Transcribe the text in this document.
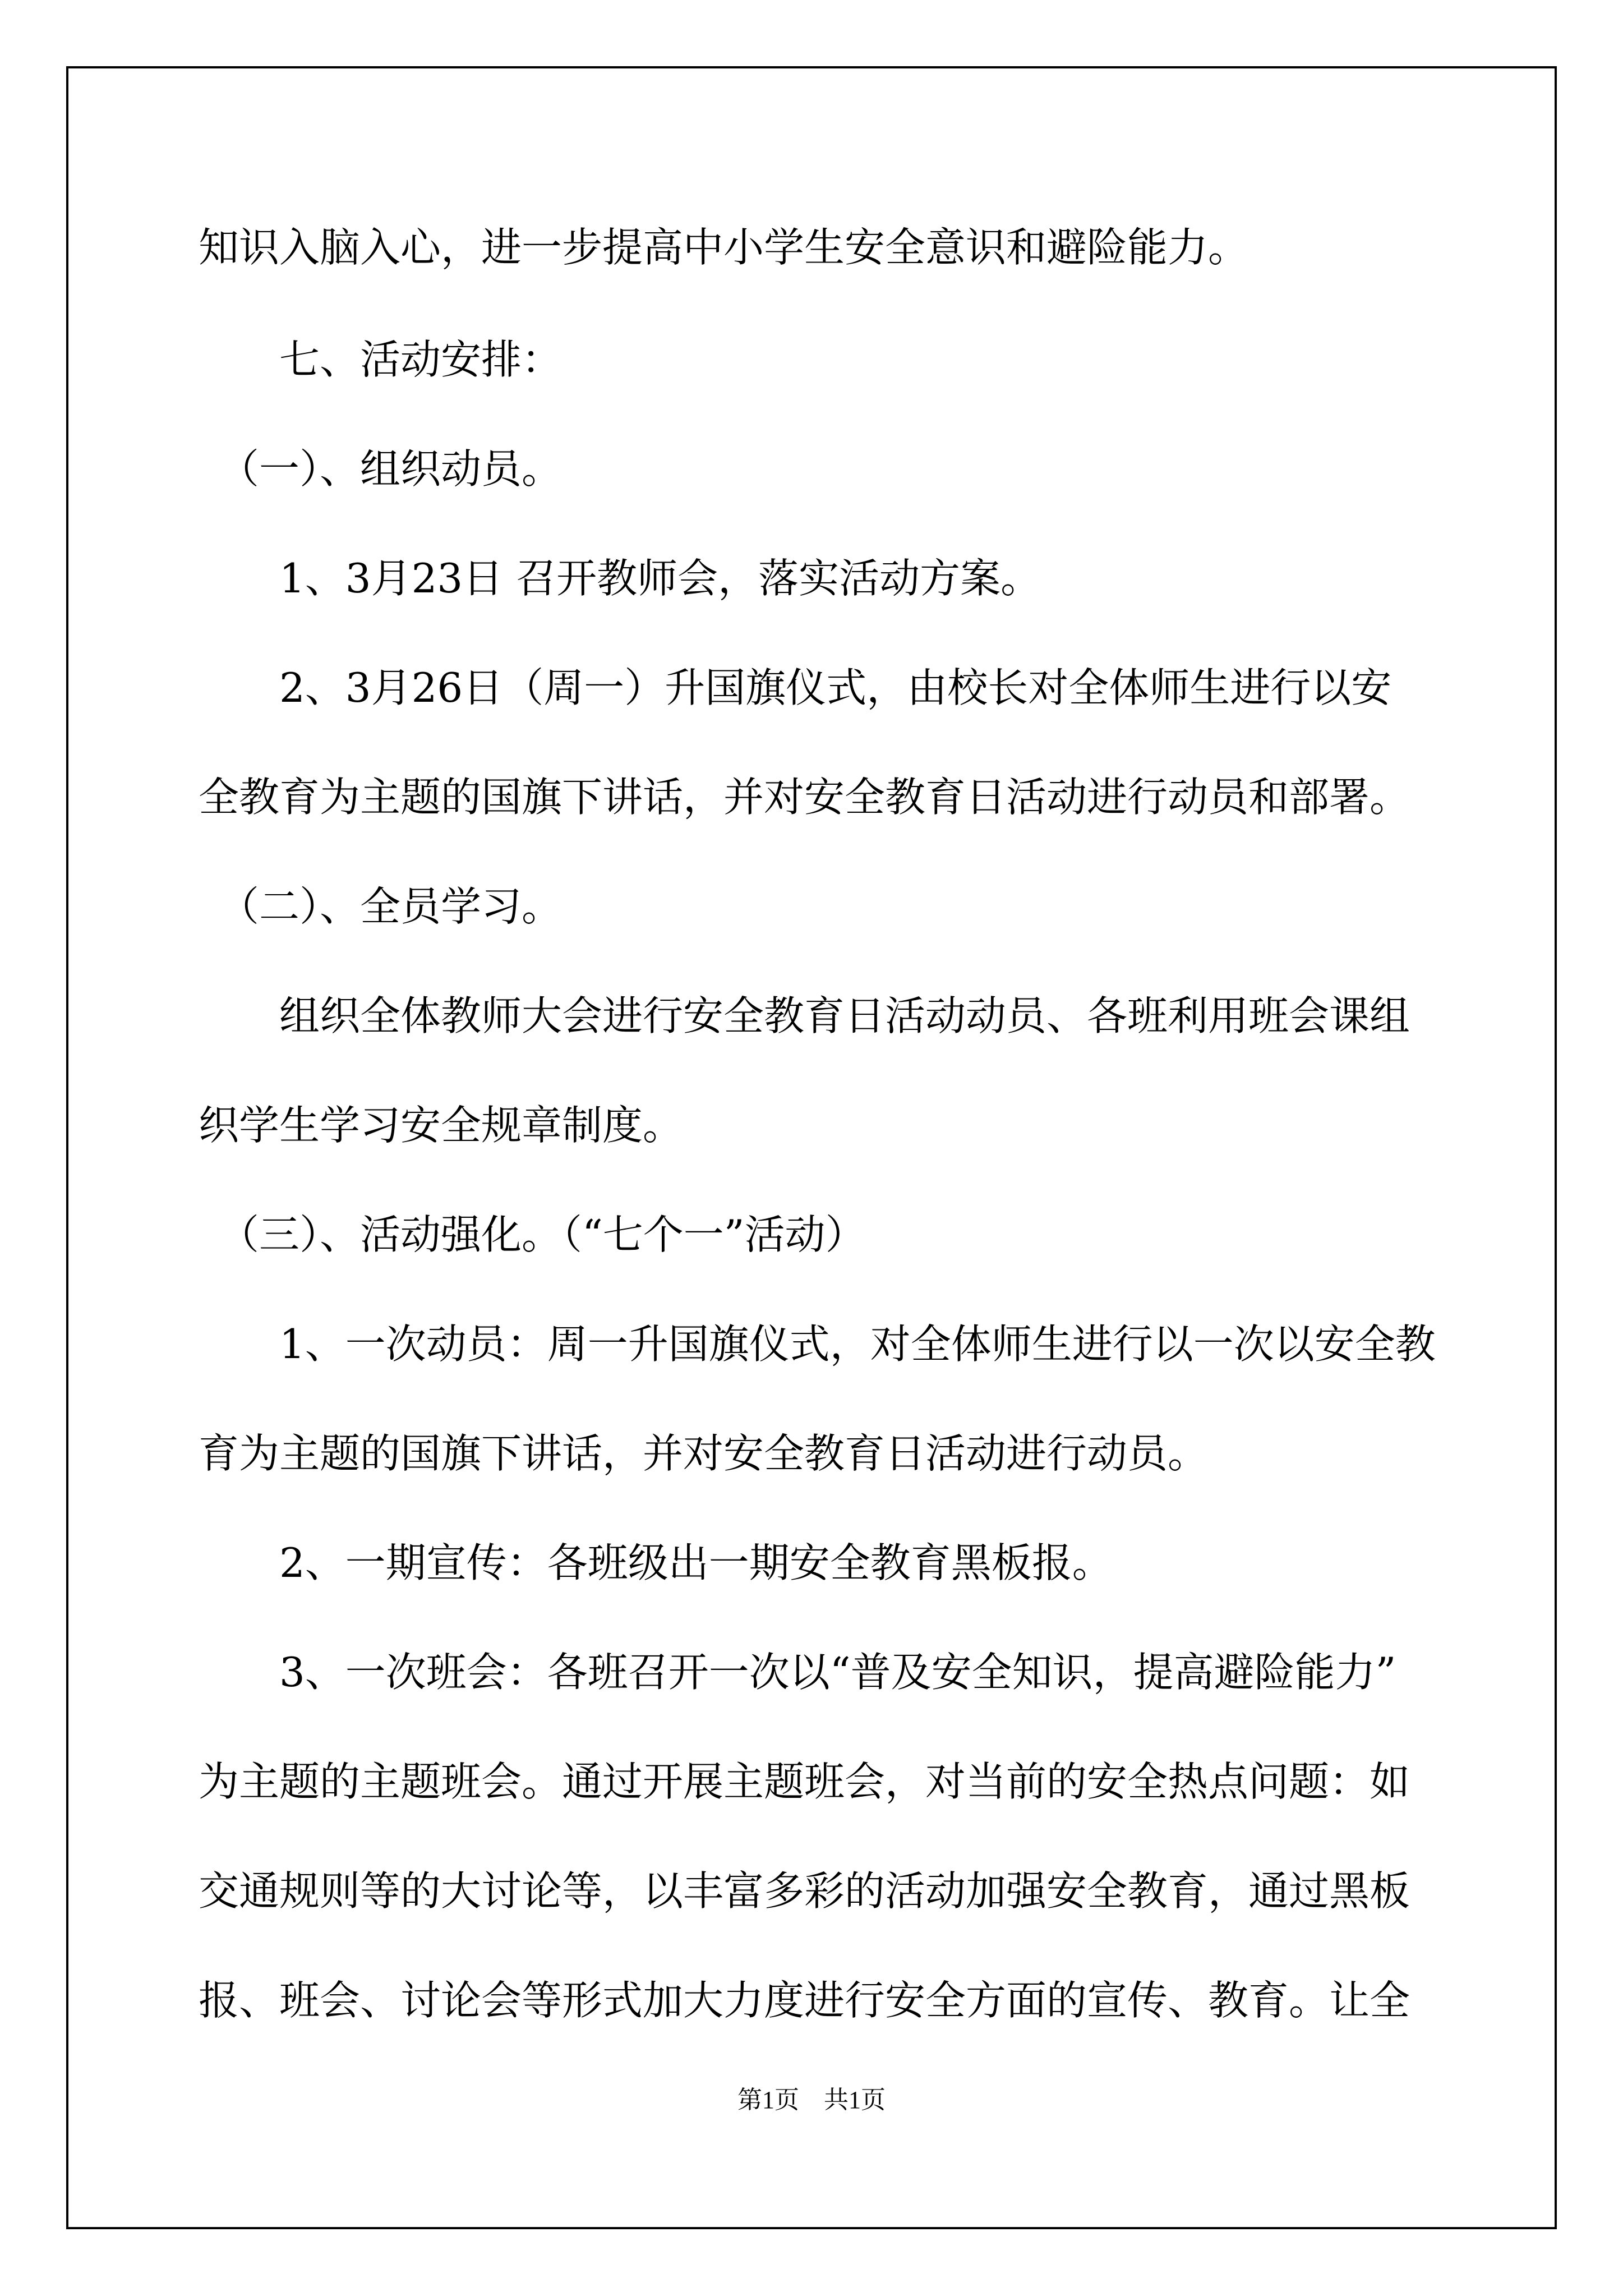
知识入脑入心，进一步提高中小学生安全意识和避险能力。
　　七、活动安排：
　（一）、组织动员。
　　1、3月23日 召开教师会，落实活动方案。
　　2、3月26日（周一）升国旗仪式，由校长对全体师生进行以安
全教育为主题的国旗下讲话，并对安全教育日活动进行动员和部署。
　（二）、全员学习。
　　组织全体教师大会进行安全教育日活动动员、各班利用班会课组
织学生学习安全规章制度。
　（三）、活动强化。（“七个一”活动）
　　1、一次动员：周一升国旗仪式，对全体师生进行以一次以安全教
育为主题的国旗下讲话，并对安全教育日活动进行动员。
　　2、一期宣传：各班级出一期安全教育黑板报。
　　3、一次班会：各班召开一次以“普及安全知识，提高避险能力”
为主题的主题班会。通过开展主题班会，对当前的安全热点问题：如
交通规则等的大讨论等，以丰富多彩的活动加强安全教育，通过黑板
报、班会、讨论会等形式加大力度进行安全方面的宣传、教育。让全
第1页 共1页
